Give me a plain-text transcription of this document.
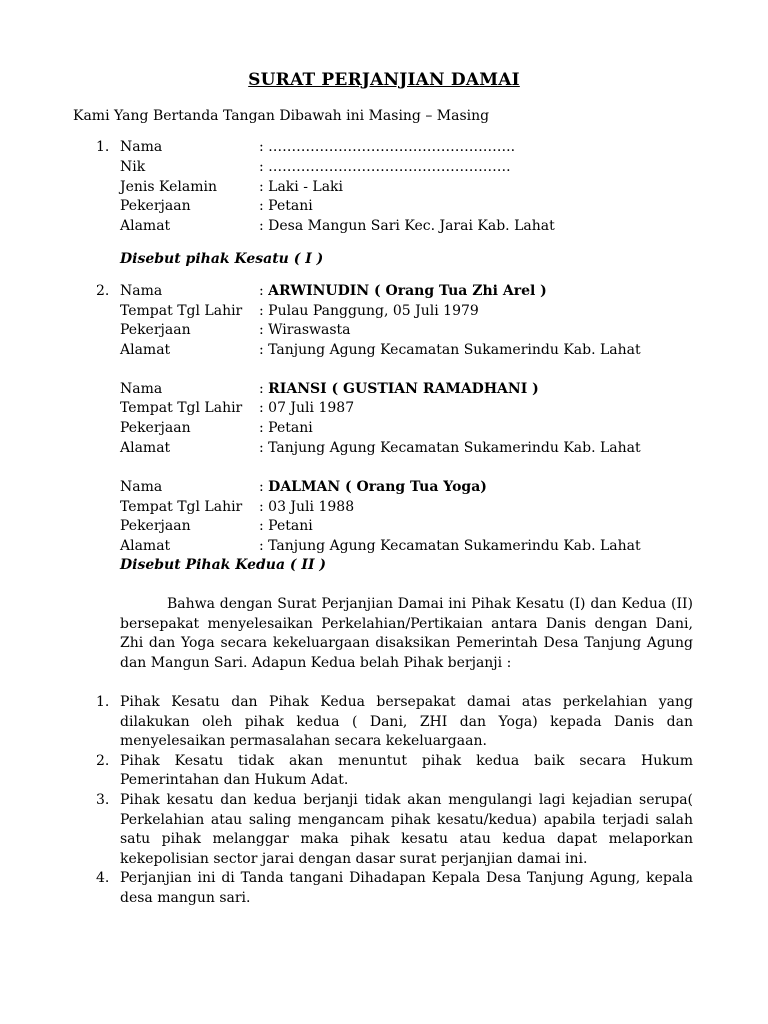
SURAT PERJANJIAN DAMAI
Kami Yang Bertanda Tangan Dibawah ini Masing – Masing
1. Nama	: ……………………………………………..
Nik	: …………………………………………….
Jenis Kelamin	: Laki - Laki
Pekerjaan	: Petani
Alamat	: Desa Mangun Sari Kec. Jarai Kab. Lahat
Disebut pihak Kesatu ( I )
2. Nama	: ARWINUDIN ( Orang Tua Zhi Arel )
Tempat Tgl Lahir : Pulau Panggung, 05 Juli 1979
Pekerjaan	: Wiraswasta
Alamat	: Tanjung Agung Kecamatan Sukamerindu Kab. Lahat
Nama	: RIANSI ( GUSTIAN RAMADHANI )
Tempat Tgl Lahir : 07 Juli 1987
Pekerjaan	: Petani
Alamat	: Tanjung Agung Kecamatan Sukamerindu Kab. Lahat
Nama	: DALMAN ( Orang Tua Yoga)
Tempat Tgl Lahir : 03 Juli 1988
Pekerjaan	: Petani
Alamat	: Tanjung Agung Kecamatan Sukamerindu Kab. Lahat
Disebut Pihak Kedua ( II )
Bahwa dengan Surat Perjanjian Damai ini Pihak Kesatu (I) dan Kedua (II) bersepakat menyelesaikan Perkelahian/Pertikaian antara Danis dengan Dani, Zhi dan Yoga secara kekeluargaan disaksikan Pemerintah Desa Tanjung Agung dan Mangun Sari. Adapun Kedua belah Pihak berjanji :
1. Pihak Kesatu dan Pihak Kedua bersepakat damai atas perkelahian yang dilakukan oleh pihak kedua ( Dani, ZHI dan Yoga) kepada Danis dan menyelesaikan permasalahan secara kekeluargaan.
2. Pihak Kesatu tidak akan menuntut pihak kedua baik secara Hukum Pemerintahan dan Hukum Adat.
3. Pihak kesatu dan kedua berjanji tidak akan mengulangi lagi kejadian serupa( Perkelahian atau saling mengancam pihak kesatu/kedua) apabila terjadi salah satu pihak melanggar maka pihak kesatu atau kedua dapat melaporkan kekepolisian sector jarai dengan dasar surat perjanjian damai ini.
4. Perjanjian ini di Tanda tangani Dihadapan Kepala Desa Tanjung Agung, kepala desa mangun sari.
